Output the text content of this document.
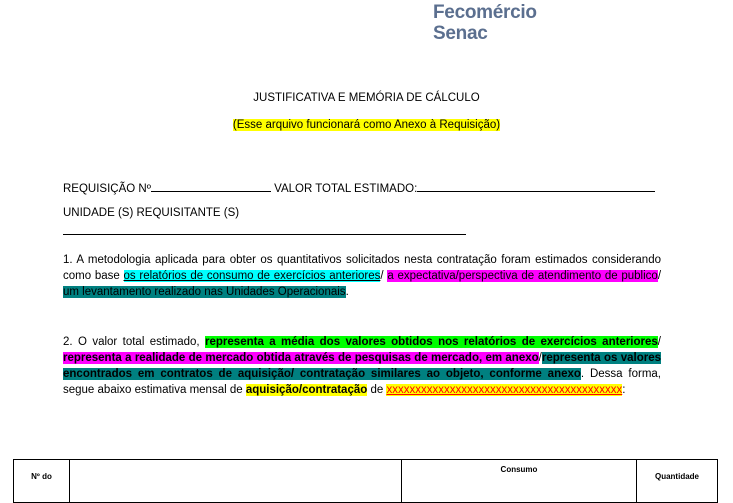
Fecomércio
Senac
JUSTIFICATIVA E MEMÓRIA DE CÁLCULO
(Esse arquivo funcionará como Anexo à Requisição)
REQUISIÇÃO Nº	VALOR TOTAL ESTIMADO:
UNIDADE (S) REQUISITANTE (S)
1. A metodologia aplicada para obter os quantitativos solicitados nesta contratação foram estimados considerando como base os relatórios de consumo de exercícios anteriores/ a expectativa/perspectiva de atendimento de publico/ um levantamento realizado nas Unidades Operacionais.
2. O valor total estimado, representa a média dos valores obtidos nos relatórios de exercícios anteriores/ representa a realidade de mercado obtida através de pesquisas de mercado, em anexo/representa os valores encontrados em contratos de aquisição/ contratação similares ao objeto, conforme anexo. Dessa forma, segue abaixo estimativa mensal de aquisição/contratação de xxxxxxxxxxxxxxxxxxxxxxxxxxxxxxxxxxxxxxxxx:
Nº do		Consumo	Quantidade
